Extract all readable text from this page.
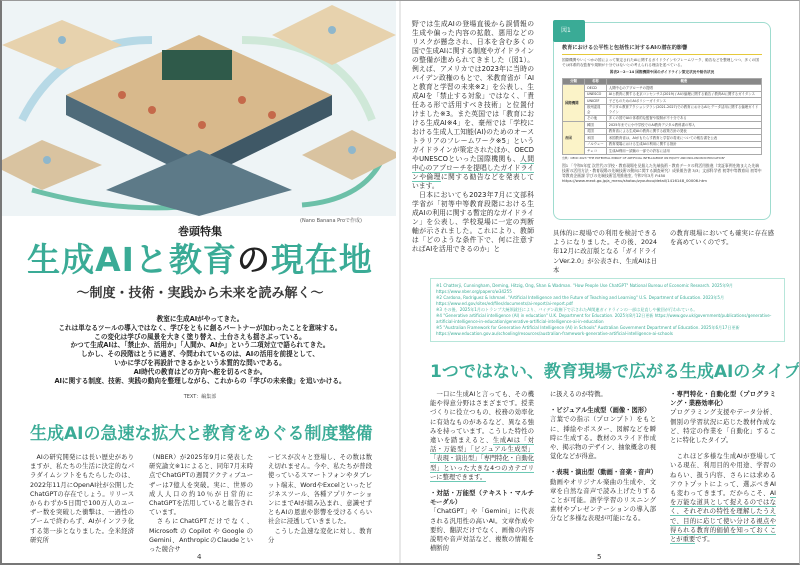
(Nano Banana Proで作成)
巻頭特集
生成AIと教育の現在地
～制度・技術・実践から未来を読み解く～
教室に生成AIがやってきた。
これは単なるツールの導入ではなく、学びをともに創るパートナーが加わったことを意味する。
この変化は学びの風景を大きく塗り替え、土台さえも揺さぶっている。
かつて生成AIは、「禁止か、活用か」「人間か、AIか」という二項対立で語られてきた。
しかし、その段階はとうに過ぎ、今問われているのは、AIの活用を前提として、
いかに学びを再設計できるかという本質的な問いである。
AI時代の教育はどの方向へ舵を切るべきか。
AIに関する制度、技術、実践の動向を整理しながら、これからの「学びの未来像」を追いかける。
TEXT：編集部
生成AIの急速な拡大と教育をめぐる制度整備

　AIの研究開発には長い歴史がありますが、私たちの生活に決定的なパラダイムシフトをもたらしたのは、2022年11月にOpenAI社が公開したChatGPTの存在でしょう。リリースからわずか5日間で100万人のユーザー数を突破した衝撃は、一過性のブームで終わらず、AIがインフラ化する第一歩となりました。全米経済研究所

（NBER）が2025年9月に発表した研究論文※1によると、同年7月末時点でChatGPTの週間アクティブユーザーは7億人を突破。実に、世界の成人人口の約10％が日常的にChatGPTを活用していると報告されています。

　さらにChatGPTだけでなく、MicrosoftのCopilotやGoogleのGemini、AnthropicのClaudeといった競合サ

ービスが次々と登場し、その数は数え切れません。今や、私たちが普段使っているスマートフォンやタブレット端末、WordやExcelといったビジネスツール、各種アプリケーションにまでAIが組み込まれ、意識せずともAIの恩恵や影響を受けるくらい社会に浸透していきました。

　こうした急速な変化に対し、教育分

4

野では生成AIの登場直後から誤情報の生成や偏った内容の拡散、悪用などのリスクが懸念され、日本を含む多くの国で生成AIに関する制度やガイドラインの整備が進められてきました（図1）。例えば、アメリカでは2023年に当時のバイデン政権のもとで、米教育省が「AIと教育と学習の未来※2」を公表し、生成AIを「禁止する対象」ではなく、「責任ある形で活用すべき技術」と位置付けました※3。また英国では「教育における生成AI※4」を、豪州では「学校における生成人工知能(AI)のためのオーストラリアのフレームワーク※5」というガイドラインが策定されたほか、OECDやUNESCOといった国際機関も、人間中心のアプローチを提唱したガイドラインや倫理に関する勧告などを発表しています。

　日本においても2023年7月に文部科学省が「初等中等教育段階における生成AIの利用に関する暫定的なガイドライン」を公表し、学校現場に一定の判断軸が示されました。これにより、教師は「どのような条件下で、何に注意すればAIを活用できるのか」と

教育における公平性と包括性に対するAIの潜在的影響
国際機関やいくつかの国によって策定されたAIに関するガイドラインやフレームワーク、勧告などを整理しつつ、多くの国では体系的な監督や規制が十分ではないとの考えられる理由を述べている。
図表2－2－14 国際機関や国のガイドライン策定状況や勧告状況
分類	名称	概要
国際機関	OECD	人間中心のアプローチの提唱
	UNESCO	AIと教育に関する北京コンセンサス(2019) / AIの倫理に関する勧告 / 教育AIに関するガイダンス
	UNICEF	子どものためのAIポリシーガイダンス
	欧州委員会	デジタル教育アクションプラン(2021-2027)での教育におけるAIとデータ活用に関する倫理ガイドライン
	その他	多くの国でAIの体系的な監督や規制が不十分である
各国	韓国	2025年までに小中学校でのAI教育デジタル教科書の導入
	英国	教育省による生成AIの教育に関する政策方針の発表
	米国	米国教育省は、AIがもたらす教育と学習の将来についての報告書を公表
	ノルウェー	教育現場における生成AIの利用に関する指針
	チェコ	生成AI利用ー試験の一部での許容に活用
出典：OECD 2023 "THE POTENTIAL IMPACT OF ARTIFICIAL INTELLIGENCE ON EQUITY AND INCLUSION IN EDUCATION"
図1 「令和5年度 次世代の学校・教育現場を見据えた先端技術・教育データの利活用推進（実証事例を踏まえた先端技術の活用方法・教育現場の先端技術の動向に関する調査研究）成果報告書 3/3」文部科学省 初等中等教育局 初等中等教育企画課 学びの先端技術活用推進室, 令和7年3月 P.450
https://www.mext.go.jp/a_menu/shotou/zyouhou/detail/1416148_00006.htm
図1

具体的に現場での利用を検討できるようになりました。その後、2024年12月に改訂版となる「ガイドラインVer.2.0」が公表され、生成AIは日本

の教育現場においても確実に存在感を高めていくのです。

※1 Chatterji, Cunningham, Deming, Hitzig, Ong, Shan & Wadman. "How People Use ChatGPT" National Bureau of Economic Research. 2025年9月 https://www.nber.org/papers/w34255
※2 Cardona, Rodriguez & Ishmael. "Artificial Intelligence and the Future of Teaching and Learning" U.S. Department of Education. 2023年5月 https://www.ed.gov/sites/ed/files/documents/ai-report/ai-report.pdf
※3 その後、2025年1月のトランプ大統領就任により、バイデン政権下で示されたAI関連ガイドラインの一部は見直しや撤回が行われている。
※4 "Generative artificial intelligence (AI) in education" U.K. Department for Education. 2025年8月12日更新 https://www.gov.uk/government/publications/generative-artificial-intelligence-in-education/generative-artificial-intelligence-ai-in-education
※5 "Australian Framework for Generative Artificial Intelligence (AI) in Schools" Australian Government Department of Education. 2025年6月17日更新 https://www.education.gov.au/schooling/resources/australian-framework-generative-artificial-intelligence-ai-schools
1つではない、教育現場で広がる生成AIのタイプ

　一口に生成AIと言っても、その機能や得意分野はさまざまです。授業づくりに役立つもの、校務の効率化に有効なものがあるなど、異なる強みを持っています。こうした特性の違いを踏まえると、生成AIは「対話・万能型」「ビジュアル生成型」「表現・演出型」「専門特化・自動化型」といった大きな4つのカテゴリーに整理できます。

・対話・万能型（テキスト・マルチモーダル）

「ChatGPT」や「Gemini」に代表される汎用性の高いAI。文章作成や要約、翻訳だけでなく、画像の内容説明や音声対話など、複数の情報を横断的

に扱えるのが特徴。

・ビジュアル生成型（画像・図形）

言葉での指示（プロンプト）をもとに、挿絵やポスター、図解などを瞬時に生成する。教材のスライド作成や、掲示物のデザイン、抽象概念の視覚化などが得意。

・表現・演出型（動画・音楽・音声）

動画やオリジナル楽曲の生成や、文章を自然な音声で読み上げたりすることが可能。語学学習のリスニング素材やプレゼンテーションの導入部分など多様な表現が可能になる。

・専門特化・自動化型（プログラミング・業務効率化）

プログラミング支援やデータ分析、個別の学習状況に応じた教材作成など、特定の作業を「自動化」することに特化したタイプ。

　これほど多様な生成AIが登場している現在、利用目的や用途、学習のねらい、扱う内容、さらには求めるアウトプットによって、選ぶべきAIも変わってきます。だからこそ、AIを万能な道具として捉えるのではなく、それぞれの特性を理解したうえで、目的に応じて使い分ける視点や得られる教育的価値を知っておくことが重要です。

5
